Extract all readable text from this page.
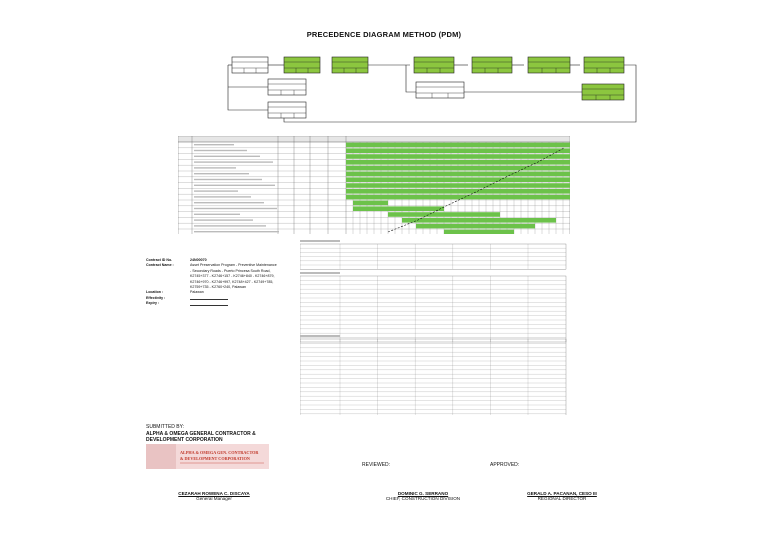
PRECEDENCE DIAGRAM METHOD (PDM)
Contract ID No.	24N00070
Contract Name :	Asset Preservation Program - Preventive Maintenance
- Secondary Roads - Puerto Princesa South Road,
K2745+377 - K2746+157 - K2746+840 - K2746+879,
K2746+970 - K2746+997, K2748+427 - K2749+785,
K2759+735 - K2760+240, Palawan
Location :	Palawan
Effectivity :
Expiry :
SUBMITTED BY:
ALPHA & OMEGA GENERAL CONTRACTOR &
DEVELOPMENT CORPORATION
ALPHA & OMEGA GEN. CONTRACTOR
& DEVELOPMENT CORPORATION
REVIEWED:	APPROVED:
CEZARAH ROWENA C. DISCAYA
General Manager
DOMINIC G. SERRANO
CHIEF, CONSTRUCTION DIVISION
GERALD A. PACANAN, CESO III
REGIONAL DIRECTOR
